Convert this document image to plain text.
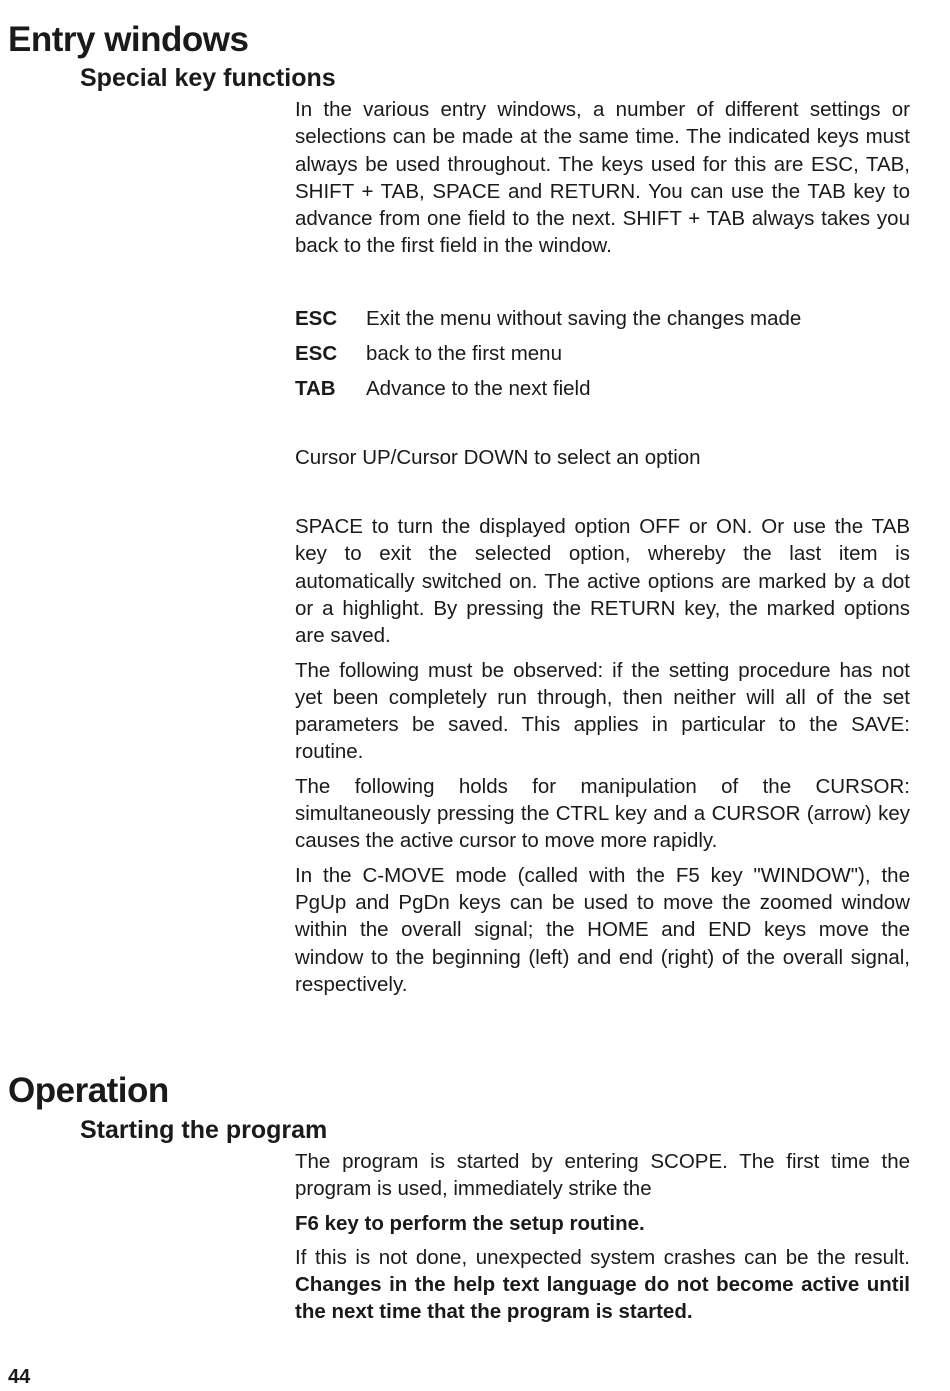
Entry windows
Special key functions

In the various entry windows, a number of different settings or selections can be made at the same time. The indicated keys must always be used throughout. The keys used for this are ESC, TAB, SHIFT + TAB, SPACE and RETURN. You can use the TAB key to advance from one field to the next. SHIFT + TAB always takes you back to the first field in the window.

ESC	Exit the menu without saving the changes made
ESC	back to the first menu
TAB	Advance to the next field

Cursor UP/Cursor DOWN to select an option

SPACE to turn the displayed option OFF or ON. Or use the TAB key to exit the selected option, whereby the last item is automatically switched on. The active options are marked by a dot or a highlight. By pressing the RETURN key, the marked options are saved.

The following must be observed: if the setting procedure has not yet been completely run through, then neither will all of the set parameters be saved. This applies in particular to the SAVE: routine.

The following holds for manipulation of the CURSOR: simultaneously pressing the CTRL key and a CURSOR (arrow) key causes the active cursor to move more rapidly.

In the C-MOVE mode (called with the F5 key "WINDOW"), the PgUp and PgDn keys can be used to move the zoomed window within the overall signal; the HOME and END keys move the window to the beginning (left) and end (right) of the overall signal, respectively.

Operation
Starting the program

The program is started by entering SCOPE. The first time the program is used, immediately strike the

F6 key to perform the setup routine.

If this is not done, unexpected system crashes can be the result. Changes in the help text language do not become active until the next time that the program is started.

44
